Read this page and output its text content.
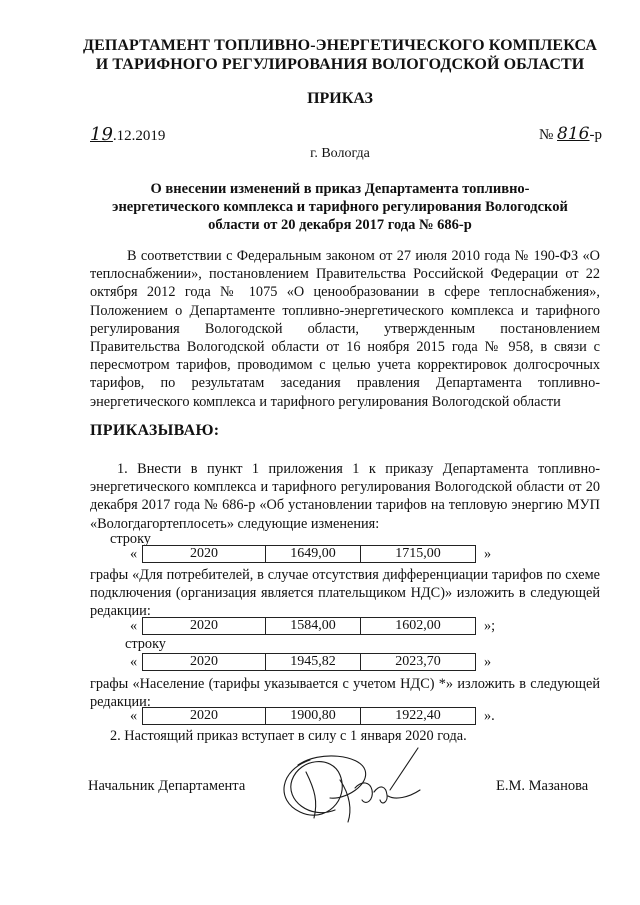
ДЕПАРТАМЕНТ ТОПЛИВНО-ЭНЕРГЕТИЧЕСКОГО КОМПЛЕКСА
И ТАРИФНОГО РЕГУЛИРОВАНИЯ ВОЛОГОДСКОЙ ОБЛАСТИ
ПРИКАЗ
19.12.2019	№ 816-р
г. Вологда
О внесении изменений в приказ Департамента топливно-
энергетического комплекса и тарифного регулирования Вологодской
области от 20 декабря 2017 года № 686-р
В соответствии с Федеральным законом от 27 июля 2010 года № 190-ФЗ «О теплоснабжении», постановлением Правительства Российской Федерации от 22 октября 2012 года № 1075 «О ценообразовании в сфере теплоснабжения», Положением о Департаменте топливно-энергетического комплекса и тарифного регулирования Вологодской области, утвержденным постановлением Правительства Вологодской области от 16 ноября 2015 года № 958, в связи с пересмотром тарифов, проводимом с целью учета корректировок долгосрочных тарифов, по результатам заседания правления Департамента топливно-энергетического комплекса и тарифного регулирования Вологодской области
ПРИКАЗЫВАЮ:
1. Внести в пункт 1 приложения 1 к приказу Департамента топливно-энергетического комплекса и тарифного регулирования Вологодской области от 20 декабря 2017 года № 686-р «Об установлении тарифов на тепловую энергию МУП «Вологдагортеплосеть» следующие изменения:
строку
«	2020	1649,00	1715,00	»
графы «Для потребителей, в случае отсутствия дифференциации тарифов по схеме подключения (организация является плательщиком НДС)» изложить в следующей редакции:
«	2020	1584,00	1602,00	»;
строку
«	2020	1945,82	2023,70	»
графы «Население (тарифы указывается с учетом НДС) *» изложить в следующей редакции:
«	2020	1900,80	1922,40	».
2. Настоящий приказ вступает в силу с 1 января 2020 года.
Начальник Департамента	Е.М. Мазанова
